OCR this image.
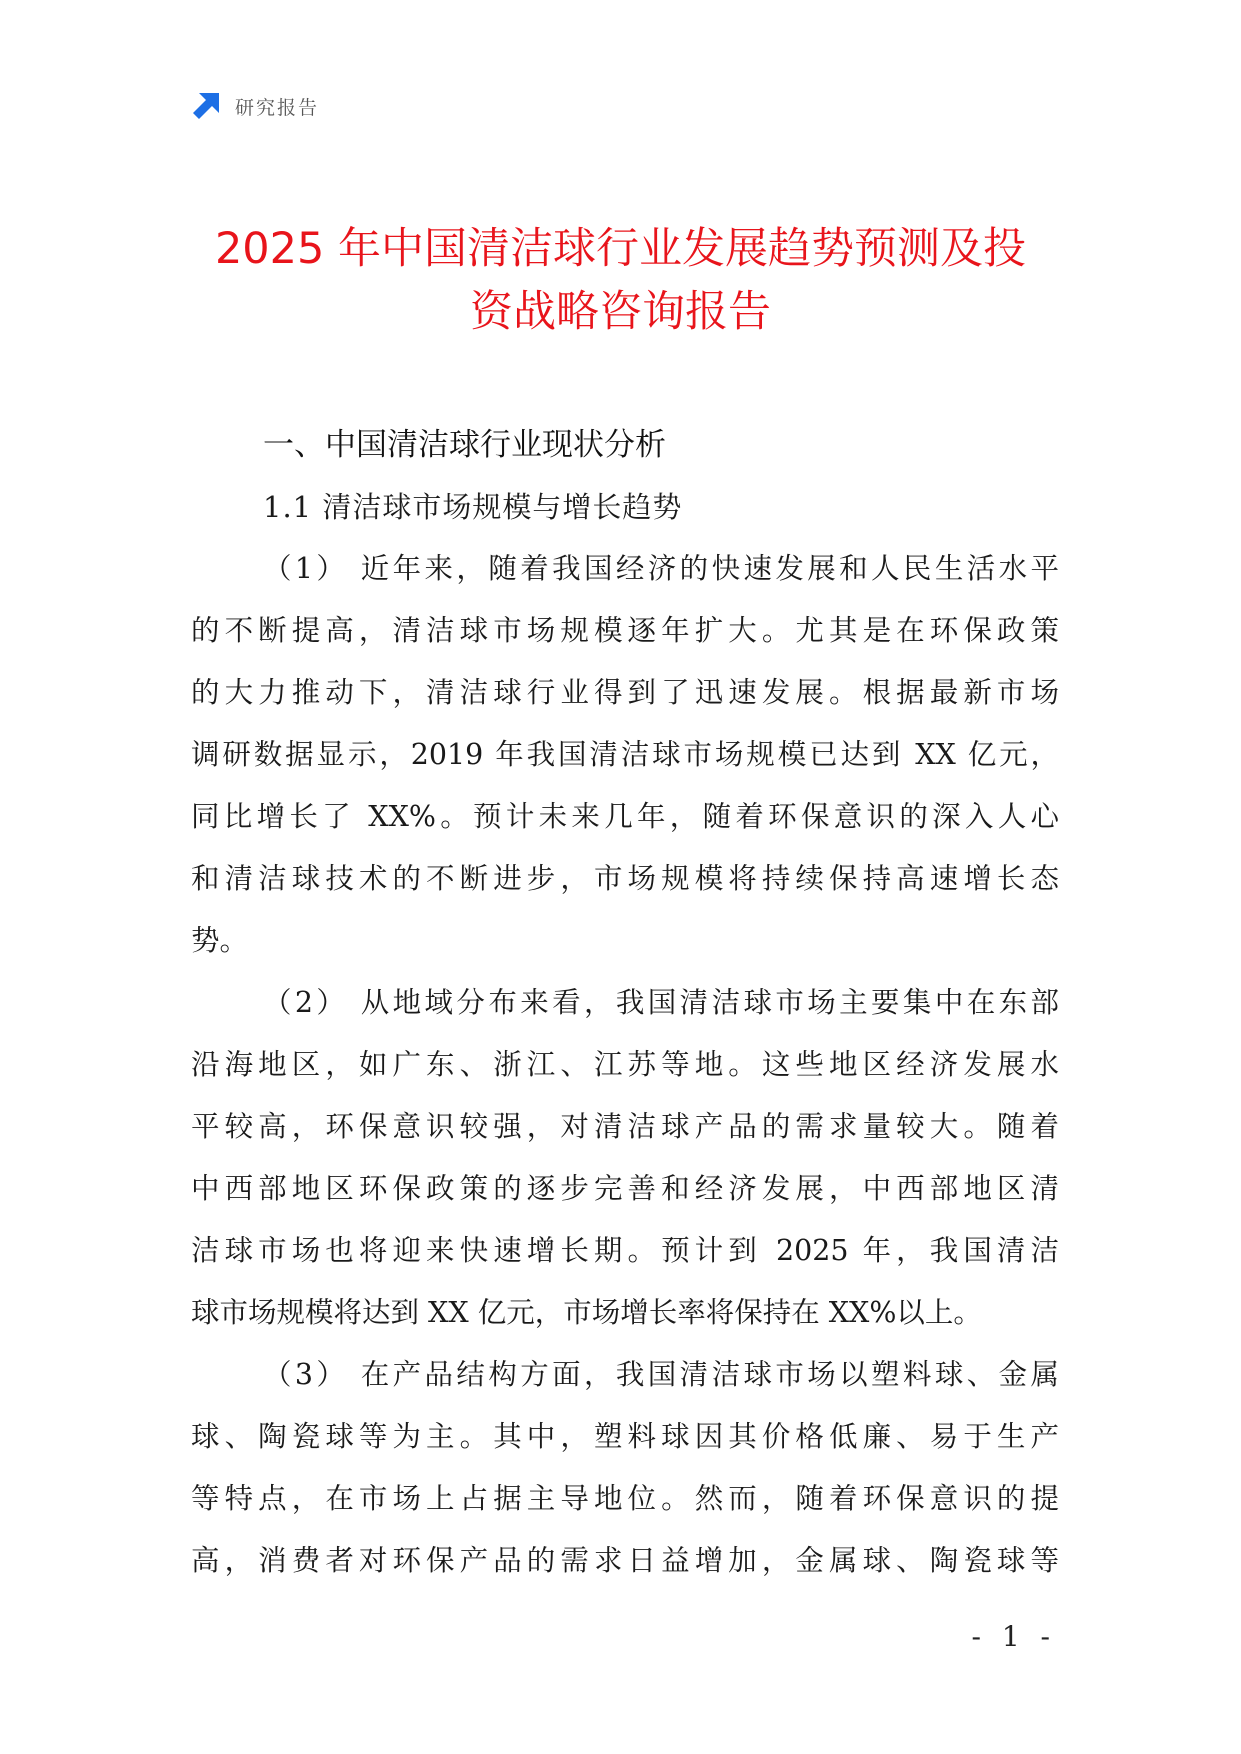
研究报告
2025 年中国清洁球行业发展趋势预测及投
资战略咨询报告
一、中国清洁球行业现状分析
1.1 清洁球市场规模与增长趋势
（1） 近年来，随着我国经济的快速发展和人民生活水平
的不断提高，清洁球市场规模逐年扩大。尤其是在环保政策
的大力推动下，清洁球行业得到了迅速发展。根据最新市场
调研数据显示，2019 年我国清洁球市场规模已达到 XX 亿元，
同比增长了 XX%。预计未来几年，随着环保意识的深入人心
和清洁球技术的不断进步，市场规模将持续保持高速增长态
势。
（2） 从地域分布来看，我国清洁球市场主要集中在东部
沿海地区，如广东、浙江、江苏等地。这些地区经济发展水
平较高，环保意识较强，对清洁球产品的需求量较大。随着
中西部地区环保政策的逐步完善和经济发展，中西部地区清
洁球市场也将迎来快速增长期。预计到 2025 年，我国清洁
球市场规模将达到 XX 亿元，市场增长率将保持在 XX%以上。
（3） 在产品结构方面，我国清洁球市场以塑料球、金属
球、陶瓷球等为主。其中，塑料球因其价格低廉、易于生产
等特点，在市场上占据主导地位。然而，随着环保意识的提
高，消费者对环保产品的需求日益增加，金属球、陶瓷球等
- 1 -
